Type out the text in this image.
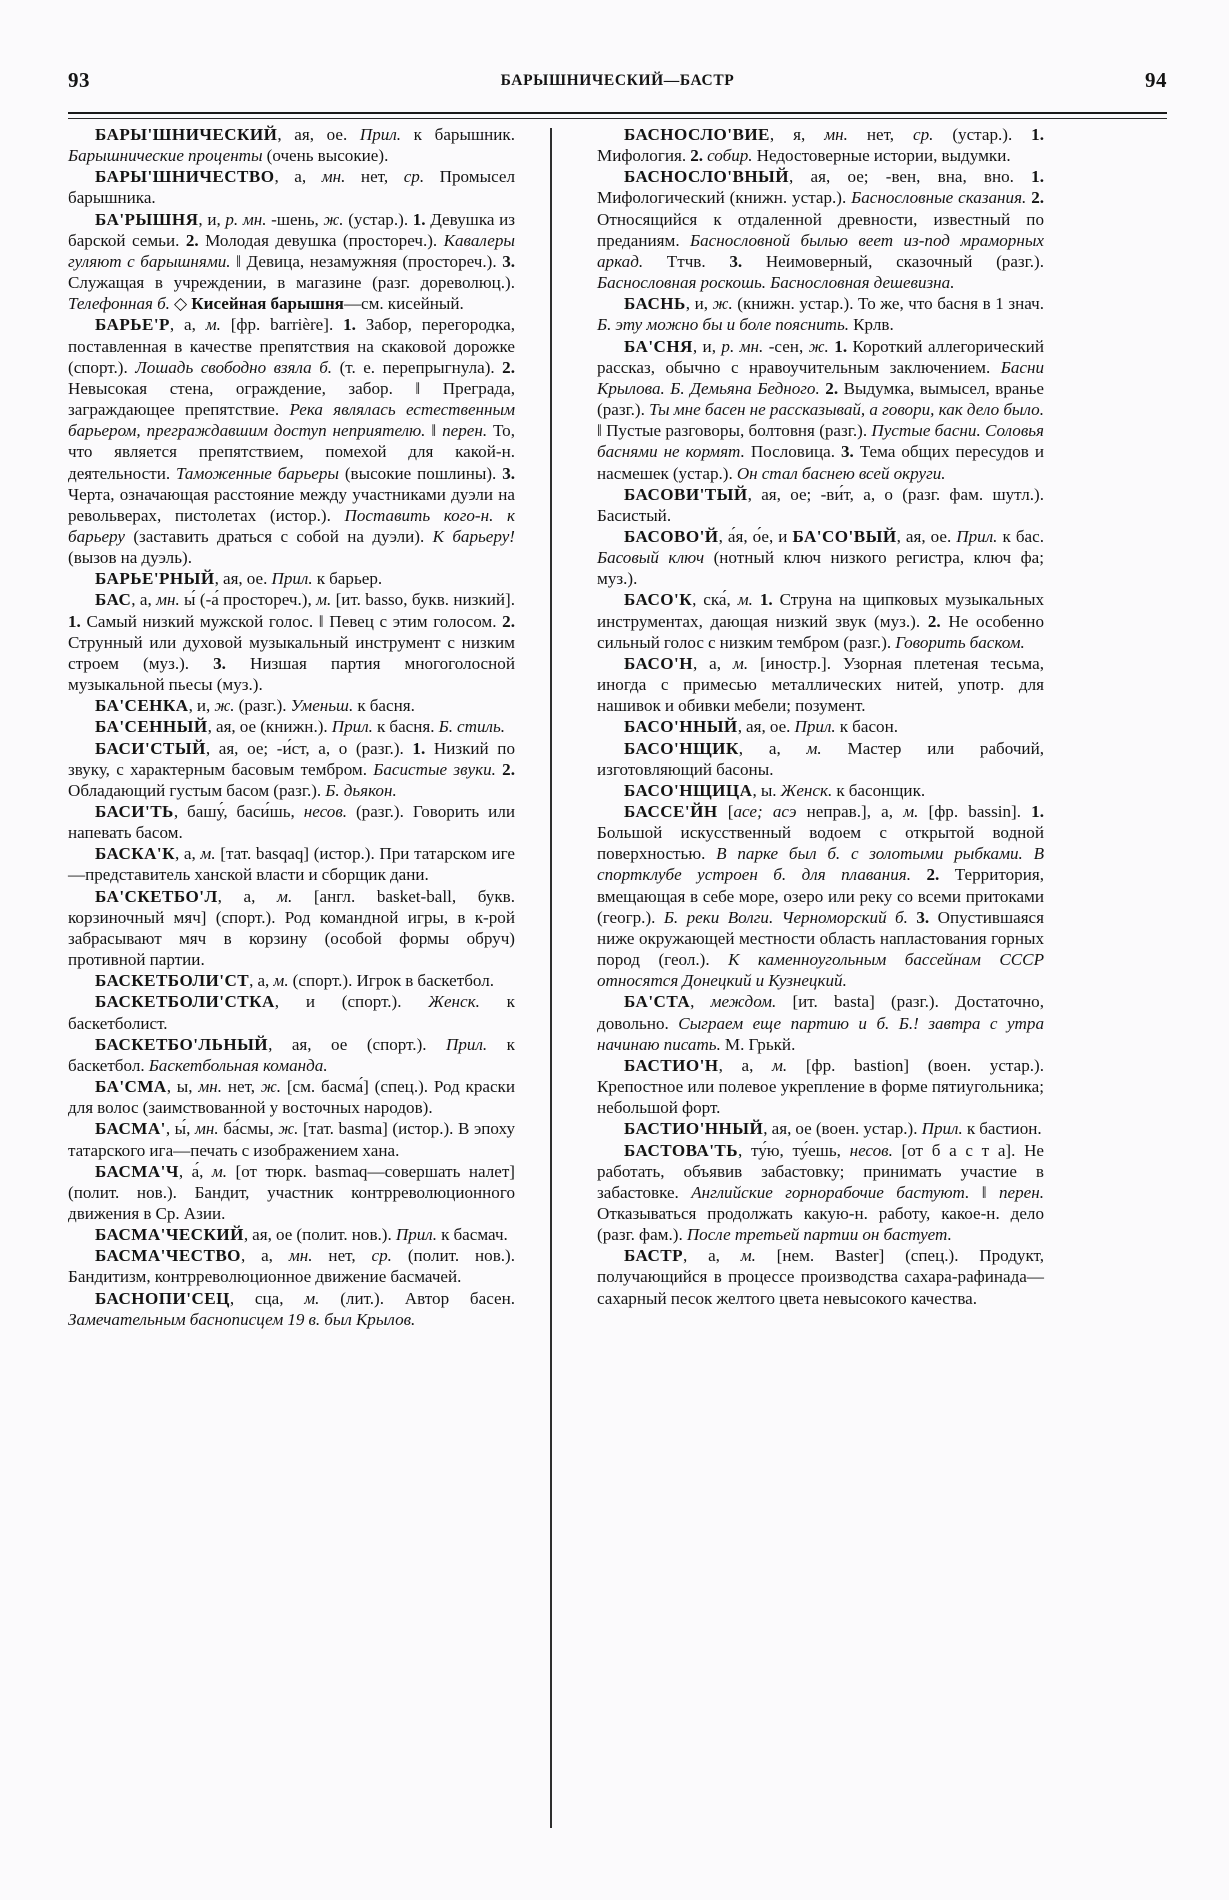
93	БАРЫШНИЧЕСКИЙ—БАСТР	94

БАРЫ'ШНИЧЕСКИЙ, ая, ое. Прил. к барышник. Барышнические проценты (очень высокие).

БАРЫ'ШНИЧЕСТВО, а, мн. нет, ср. Промысел барышника.

БА'РЫШНЯ, и, р. мн. -шень, ж. (устар.). 1. Девушка из барской семьи. 2. Молодая девушка (простореч.). Кавалеры гуляют с барышнями. ‖ Девица, незамужняя (простореч.). 3. Служащая в учреждении, в магазине (разг. дореволюц.). Телефонная б. ◇ Кисейная барышня—см. кисейный.

БАРЬЕ'Р, а, м. [фр. barrière]. 1. Забор, перегородка, поставленная в качестве препятствия на скаковой дорожке (спорт.). Лошадь свободно взяла б. (т. е. перепрыгнула). 2. Невысокая стена, ограждение, забор. ‖ Преграда, заграждающее препятствие. Река являлась естественным барьером, преграждавшим доступ неприятелю. ‖ перен. То, что является препятствием, помехой для какой-н. деятельности. Таможенные барьеры (высокие пошлины). 3. Черта, означающая расстояние между участниками дуэли на револьверах, пистолетах (истор.). Поставить кого-н. к барьеру (заставить драться с собой на дуэли). К барьеру! (вызов на дуэль).

БАРЬЕ'РНЫЙ, ая, ое. Прил. к барьер.

БАС, а, мн. ы́ (-а́ простореч.), м. [ит. basso, букв. низкий]. 1. Самый низкий мужской голос. ‖ Певец с этим голосом. 2. Струнный или духовой музыкальный инструмент с низким строем (муз.). 3. Низшая партия многоголосной музыкальной пьесы (муз.).

БА'СЕНКА, и, ж. (разг.). Уменьш. к басня.

БА'СЕННЫЙ, ая, ое (книжн.). Прил. к басня. Б. стиль.

БАСИ'СТЫЙ, ая, ое; -и́ст, а, о (разг.). 1. Низкий по звуку, с характерным басовым тембром. Басистые звуки. 2. Обладающий густым басом (разг.). Б. дьякон.

БАСИ'ТЬ, башу́, баси́шь, несов. (разг.). Говорить или напевать басом.

БАСКА'К, а, м. [тат. basqaq] (истор.). При татарском иге—представитель ханской власти и сборщик дани.

БА'СКЕТБО'Л, а, м. [англ. basket-ball, букв. корзиночный мяч] (спорт.). Род командной игры, в к-рой забрасывают мяч в корзину (особой формы обруч) противной партии.

БАСКЕТБОЛИ'СТ, а, м. (спорт.). Игрок в баскетбол.

БАСКЕТБОЛИ'СТКА, и (спорт.). Женск. к баскетболист.

БАСКЕТБО'ЛЬНЫЙ, ая, ое (спорт.). Прил. к баскетбол. Баскетбольная команда.

БА'СМА, ы, мн. нет, ж. [см. басма́] (спец.). Род краски для волос (заимствованной у восточных народов).

БАСМА', ы́, мн. ба́смы, ж. [тат. basma] (истор.). В эпоху татарского ига—печать с изображением хана.

БАСМА'Ч, а́, м. [от тюрк. basmaq—совершать налет] (полит. нов.). Бандит, участник контрреволюционного движения в Ср. Азии.

БАСМА'ЧЕСКИЙ, ая, ое (полит. нов.). Прил. к басмач.

БАСМА'ЧЕСТВО, а, мн. нет, ср. (полит. нов.). Бандитизм, контрреволюционное движение басмачей.

БАСНОПИ'СЕЦ, сца, м. (лит.). Автор басен. Замечательным баснописцем 19 в. был Крылов.

БАСНОСЛО'ВИЕ, я, мн. нет, ср. (устар.). 1. Мифология. 2. собир. Недостоверные истории, выдумки.

БАСНОСЛО'ВНЫЙ, ая, ое; -вен, вна, вно. 1. Мифологический (книжн. устар.). Баснословные сказания. 2. Относящийся к отдаленной древности, известный по преданиям. Баснословной былью веет из-под мраморных аркад. Ттчв. 3. Неимоверный, сказочный (разг.). Баснословная роскошь. Баснословная дешевизна.

БАСНЬ, и, ж. (книжн. устар.). То же, что басня в 1 знач. Б. эту можно бы и боле пояснить. Крлв.

БА'СНЯ, и, р. мн. -сен, ж. 1. Короткий аллегорический рассказ, обычно с нравоучительным заключением. Басни Крылова. Б. Демьяна Бедного. 2. Выдумка, вымысел, вранье (разг.). Ты мне басен не рассказывай, а говори, как дело было. ‖ Пустые разговоры, болтовня (разг.). Пустые басни. Соловья баснями не кормят. Пословица. 3. Тема общих пересудов и насмешек (устар.). Он стал баснею всей округи.

БАСОВИ'ТЫЙ, ая, ое; -ви́т, а, о (разг. фам. шутл.). Басистый.

БАСОВО'Й, а́я, о́е, и БА'СО'ВЫЙ, ая, ое. Прил. к бас. Басовый ключ (нотный ключ низкого регистра, ключ фа; муз.).

БАСО'К, ска́, м. 1. Струна на щипковых музыкальных инструментах, дающая низкий звук (муз.). 2. Не особенно сильный голос с низким тембром (разг.). Говорить баском.

БАСО'Н, а, м. [иностр.]. Узорная плетеная тесьма, иногда с примесью металлических нитей, употр. для нашивок и обивки мебели; позумент.

БАСО'ННЫЙ, ая, ое. Прил. к басон.

БАСО'НЩИК, а, м. Мастер или рабочий, изготовляющий басоны.

БАСО'НЩИЦА, ы. Женск. к басонщик.

БАССЕ'ЙН [асе; асэ неправ.], а, м. [фр. bassin]. 1. Большой искусственный водоем с открытой водной поверхностью. В парке был б. с золотыми рыбками. В спортклубе устроен б. для плавания. 2. Территория, вмещающая в себе море, озеро или реку со всеми притоками (геогр.). Б. реки Волги. Черноморский б. 3. Опустившаяся ниже окружающей местности область напластования горных пород (геол.). К каменноугольным бассейнам СССР относятся Донецкий и Кузнецкий.

БА'СТА, междом. [ит. basta] (разг.). Достаточно, довольно. Сыграем еще партию и б. Б.! завтра с утра начинаю писать. М. Грькй.

БАСТИО'Н, а, м. [фр. bastion] (воен. устар.). Крепостное или полевое укрепление в форме пятиугольника; небольшой форт.

БАСТИО'ННЫЙ, ая, ое (воен. устар.). Прил. к бастион.

БАСТОВА'ТЬ, ту́ю, ту́ешь, несов. [от б а с т а]. Не работать, объявив забастовку; принимать участие в забастовке. Английские горнорабочие бастуют. ‖ перен. Отказываться продолжать какую-н. работу, какое-н. дело (разг. фам.). После третьей партии он бастует.

БАСТР, а, м. [нем. Baster] (спец.). Продукт, получающийся в процессе производства сахара-рафинада—сахарный песок желтого цвета невысокого качества.
